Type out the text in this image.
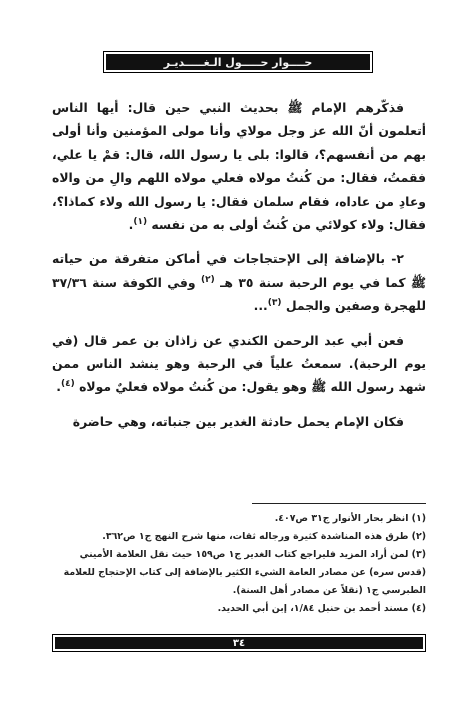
حــــوار حـــــول الـغـــــديـر

فذكّرهم الإمام ﷺ بحديث النبي حين قال: أيها الناس أتعلمون أنّ الله عز وجل مولاي وأنا مولى المؤمنين وأنا أولى بهم من أنفسهم؟، قالوا: بلى يا رسول الله، قال: قمْ يا علي، فقمتُ، فقال: من كُنتُ مولاه فعلي مولاه اللهم والِ من والاه وعادِ من عاداه، فقام سلمان فقال: يا رسول الله ولاء كماذا؟، فقال: ولاء كولائي من كُنتُ أولى به من نفسه $^{(١)}$.

٢- بالإضافة إلى الإحتجاجات في أماكن متفرقة من حياته ﷺ كما في يوم الرحبة سنة ٣٥ هـ $^{(٢)}$ وفي الكوفة سنة ٣٧/٣٦ للهجرة وصفين والجمل $^{(٣)}$...

فعن أبي عبد الرحمن الكندي عن زاذان بن عمر قال (في يوم الرحبة). سمعتُ علياً في الرحبة وهو ينشد الناس ممن شهد رسول الله ﷺ وهو يقول: من كُنتُ مولاه فعليٌ مولاه $^{(٤)}$.

فكان الإمام يحمل حادثة الغدير بين جنباته، وهي حاضرة

(١) انظر بحار الأنوار ج٣١ ص٤٠٧.
(٢) طرق هذه المناشدة كثيرة ورجاله ثقات، منها شرح النهج ج١ ص٣٦٢.
(٣) لمن أراد المزيد فليراجع كتاب الغدير ج١ ص١٥٩ حيث نقل العلامة الأميني (قدس سره) عن مصادر العامة الشيء الكثير بالإضافة إلى كتاب الإحتجاج للعلامة الطبرسي ج١ (نقلاً عن مصادر أهل السنة).
(٤) مسند أحمد بن حنبل ١/٨٤، إبن أبي الحديد.
٣٤
